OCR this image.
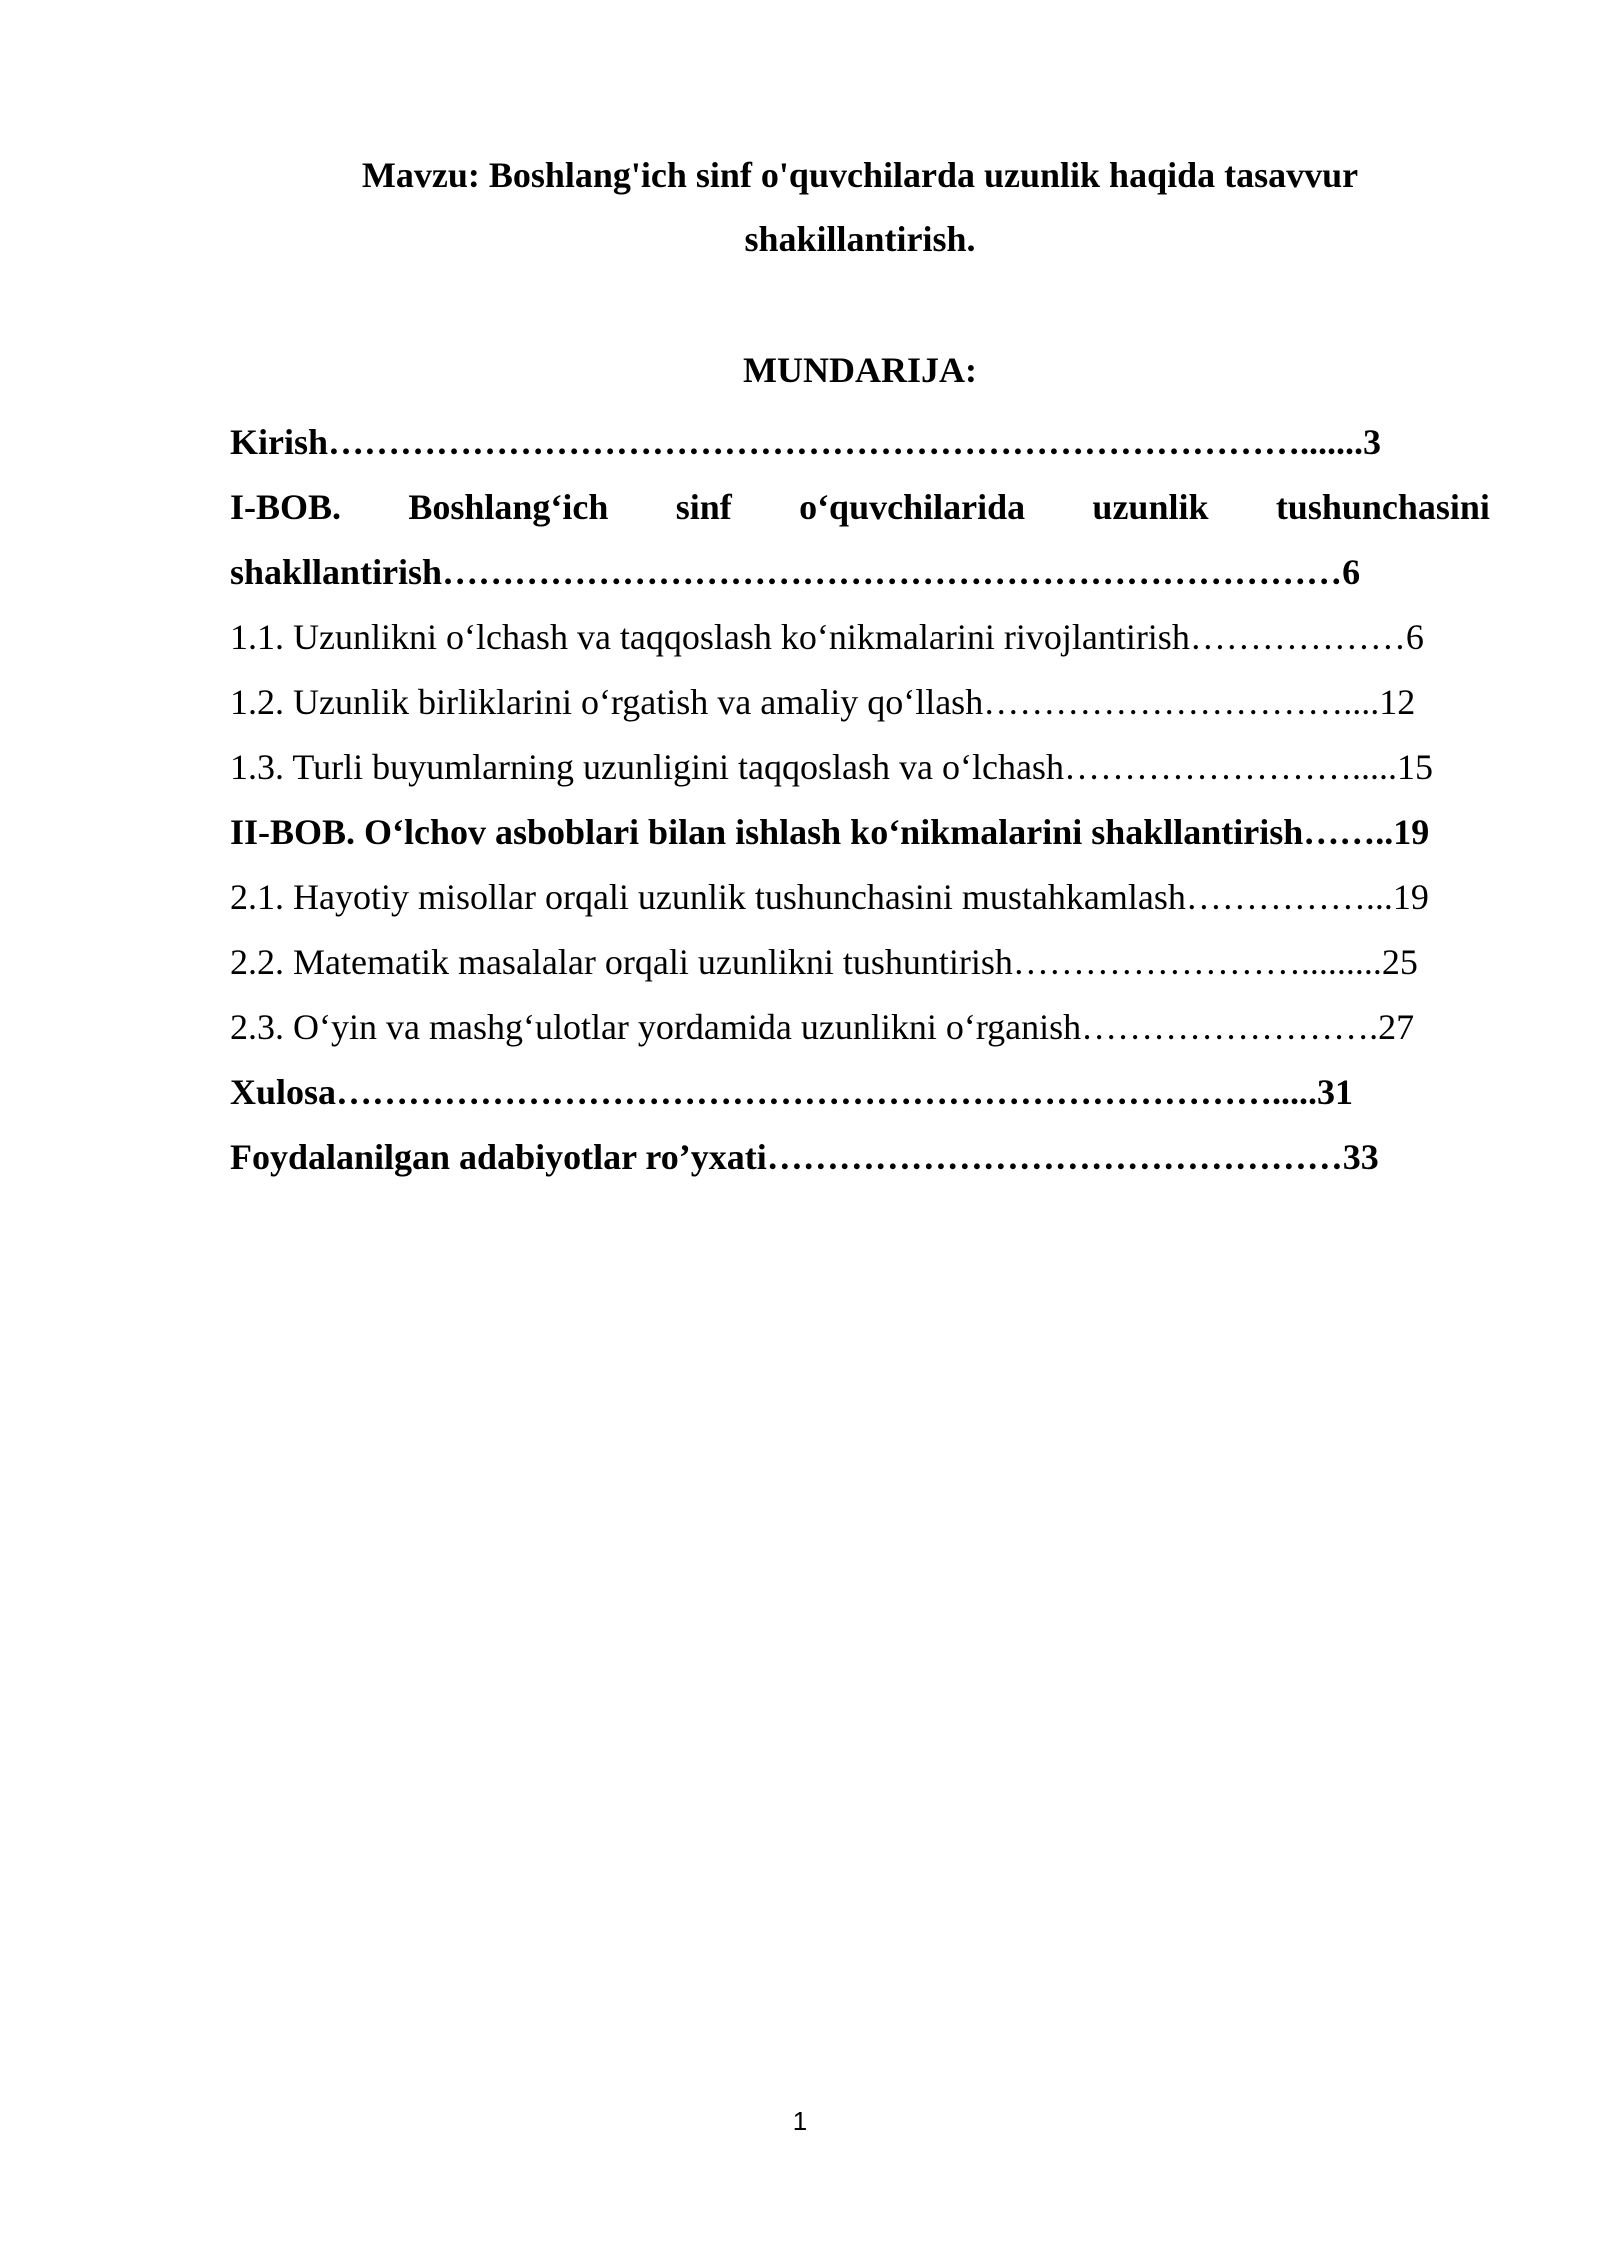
Mavzu: Boshlang'ich sinf o'quvchilarda uzunlik haqida tasavvur
shakillantirish.
MUNDARIJA:
Kirish……………………………………………………………………….......3
I-BOB. Boshlang‘ich sinf o‘quvchilarida uzunlik tushunchasini
shakllantirish…………………………………………………………………6
1.1. Uzunlikni o‘lchash va taqqoslash ko‘nikmalarini rivojlantirish………………6
1.2. Uzunlik birliklarini o‘rgatish va amaliy qo‘llash…………………………....12
1.3. Turli buyumlarning uzunligini taqqoslash va o‘lchash…………………….....15
II-BOB. O‘lchov asboblari bilan ishlash ko‘nikmalarini shakllantirish……..19
2.1. Hayotiy misollar orqali uzunlik tushunchasini mustahkamlash……………...19
2.2. Matematik masalalar orqali uzunlikni tushuntirish…………………….........25
2.3. O‘yin va mashg‘ulotlar yordamida uzunlikni o‘rganish…………………….27
Xulosa…………………………………………………………………….....31
Foydalanilgan adabiyotlar ro’yxati…………………………………………33
1
